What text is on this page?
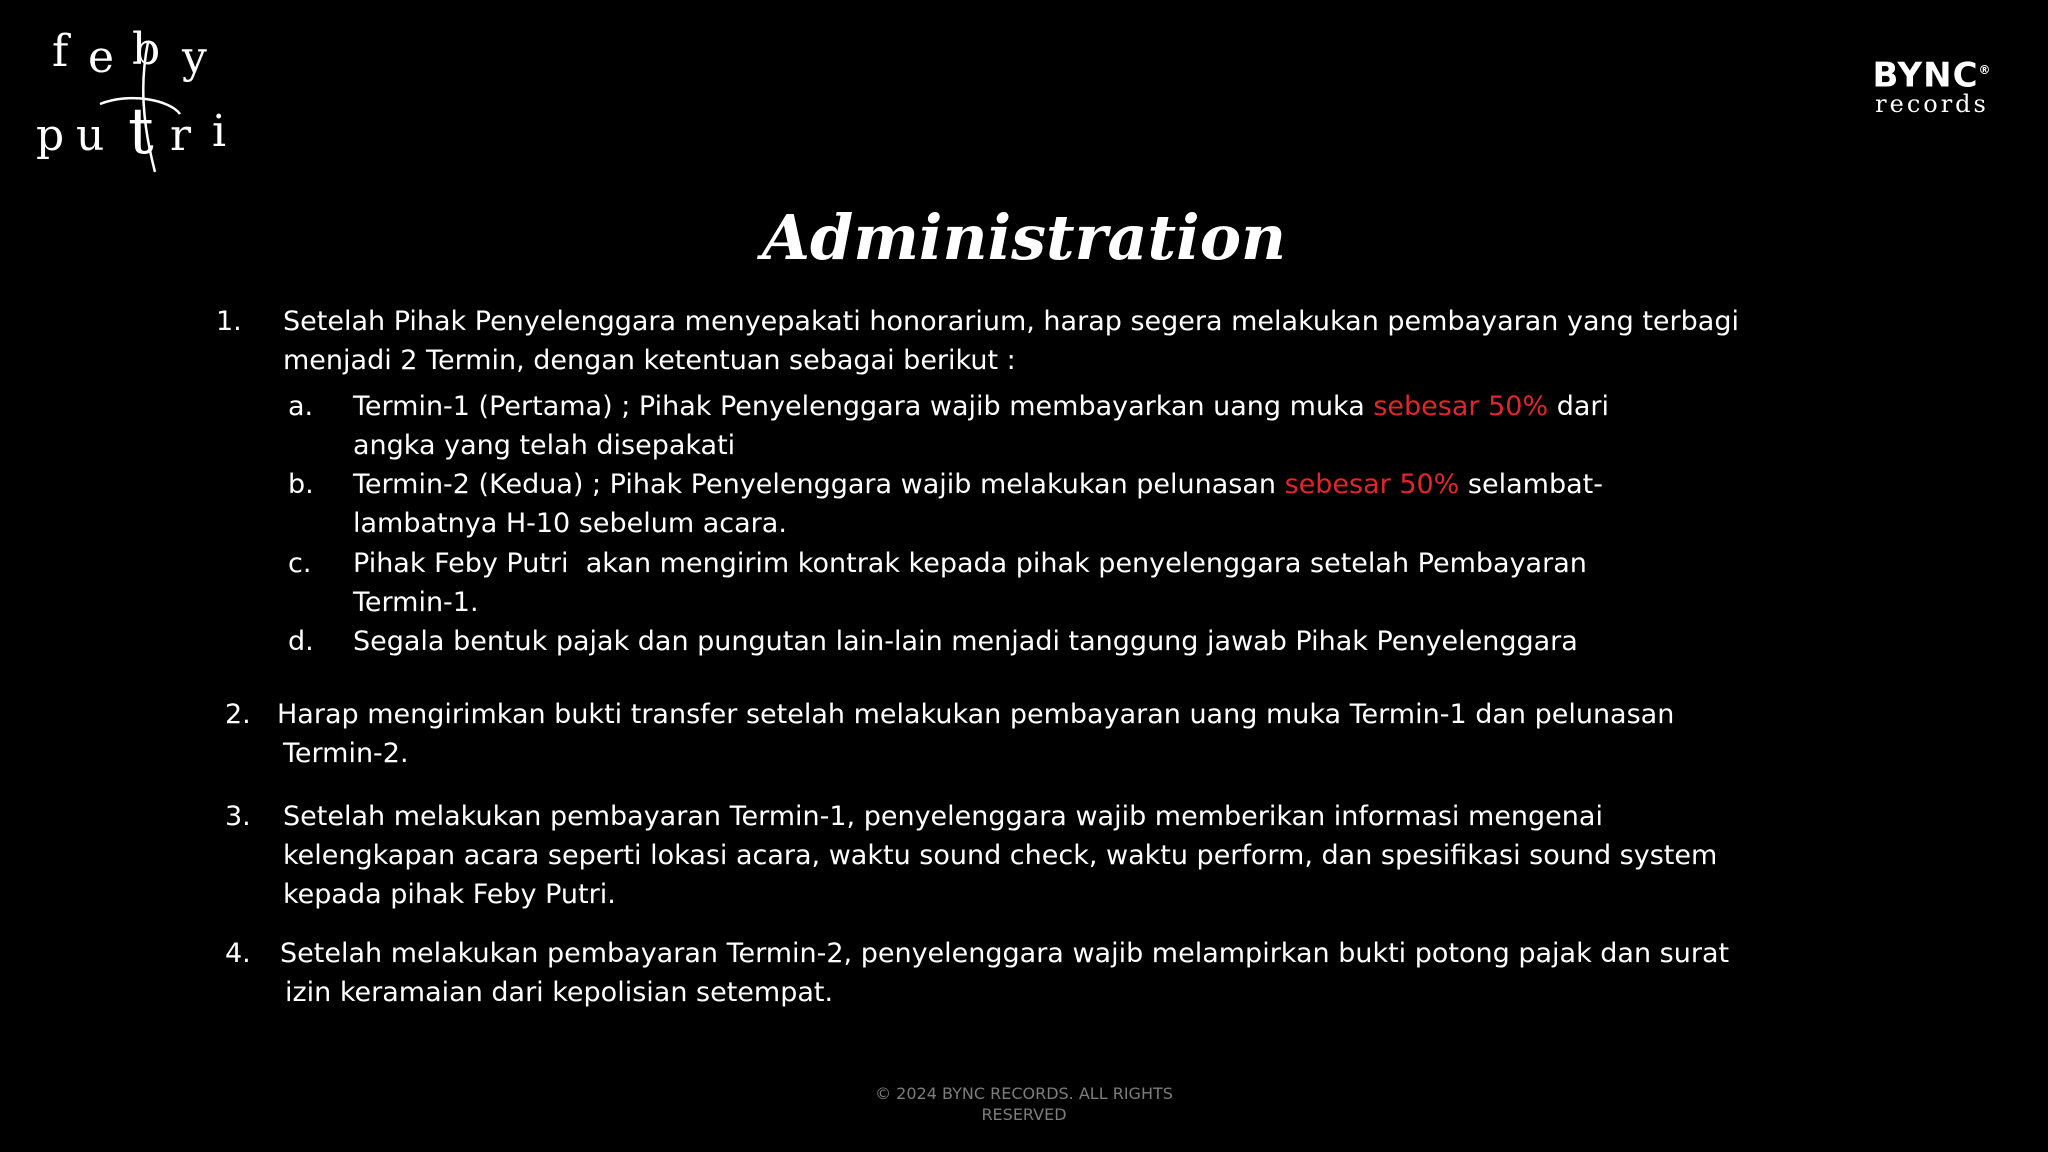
f e b y
p u t r i
BYNC®
records
Administration
1. Setelah Pihak Penyelenggara menyepakati honorarium, harap segera melakukan pembayaran yang terbagi
menjadi 2 Termin, dengan ketentuan sebagai berikut :
a. Termin-1 (Pertama) ; Pihak Penyelenggara wajib membayarkan uang muka sebesar 50% dari
angka yang telah disepakati
b. Termin-2 (Kedua) ; Pihak Penyelenggara wajib melakukan pelunasan sebesar 50% selambat-
lambatnya H-10 sebelum acara.
c. Pihak Feby Putri  akan mengirim kontrak kepada pihak penyelenggara setelah Pembayaran
Termin-1.
d. Segala bentuk pajak dan pungutan lain-lain menjadi tanggung jawab Pihak Penyelenggara
2. Harap mengirimkan bukti transfer setelah melakukan pembayaran uang muka Termin-1 dan pelunasan
Termin-2.
3. Setelah melakukan pembayaran Termin-1, penyelenggara wajib memberikan informasi mengenai
kelengkapan acara seperti lokasi acara, waktu sound check, waktu perform, dan spesifikasi sound system
kepada pihak Feby Putri.
4. Setelah melakukan pembayaran Termin-2, penyelenggara wajib melampirkan bukti potong pajak dan surat
izin keramaian dari kepolisian setempat.
© 2024 BYNC RECORDS. ALL RIGHTS
RESERVED
